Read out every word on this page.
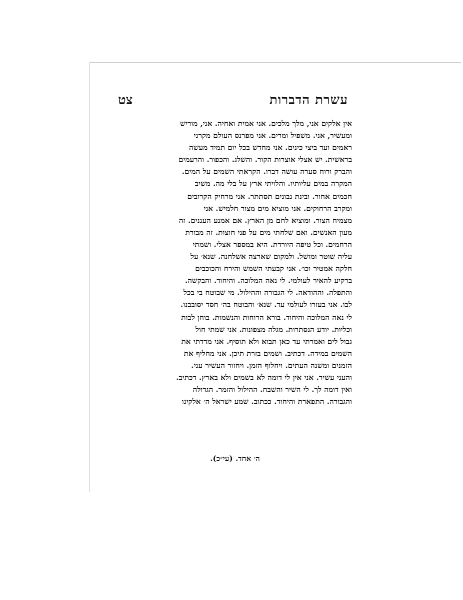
צט	עשרת הדברות
אין אלקים אני, מלך מלכים. אני אמית ואחיה. אני, מוריש
ומעשיר, אני. משפיל ומרים. אני מפרנס העולם מקרני
ראמים ועד ביצי כינים. אני מחדש בכל יום תמיד מעשה
בראשית. יש אצלי אוצרות הקור. והשלג. והכפור. והרעמים
והברק ורוח סערה עושה דברו. הקראתי השמים על המים.
המקרה במים עליותיו. והלויתי ארץ על בלי מה. משיב
חכמים אחור. ובינת נבונים תסתתר. אני מרחיק הקרובים
ומקרב הרחוקים. אני מוציא מים מצור חלמיש. אני
מצמיח הצור. ומוציא לחם מן הארץ. אם אמנע העננים. זה
מעון האנשים. ואם שלחתי מים על פני חוצות. זה מבורת
הרחמים. וכל טיפה היורדת. היא במספר אצלי. ושמתי
עליה שוטר ומושל. ולמקום שארצה אשלחנה. שנא׳ על
חלקה אמטיר וכו׳. אני קבעתי השמש והירח והכוכבים
ברקיע להאיר לעולמי. לי נאה המלוכה. והיחוד. והבקשה.
והתפלה. וההודאה. לי הגבורה וההילול. מי שבוטח בי בכל
לבו. אני בעזרו לעולמי עד. שנא׳ והבוטח בה׳ חסד יסובבנו.
לי נאה המלוכה והיחוד. בורא הרוחות והנשמות. בוחן לבות
וכליות. יודע הנסתרות. מגלה מצפונות. אני שמתי חול
גבול לים ואמרתי עד כאן תבוא ולא תוסיף. אני מדדתי את
השמים במידה. דכתיב. ושמים בזרת תיכן. אני מחליף את
הזמנים ומשנה העתים. ויחלוף הזמן. ויחזור העשיר עני.
והעני עשיר. אני אין לי דומה לא בשמים ולא בארץ. דכתיב.
ואין דומה לך. לי השיר והשבח. ההילול והזמר. הגדולה
והגבורה. התפארת והיחוד. ככתוב. שמע ישראל ה׳ אלקינו
ה׳ אחד. (עי״כ).
